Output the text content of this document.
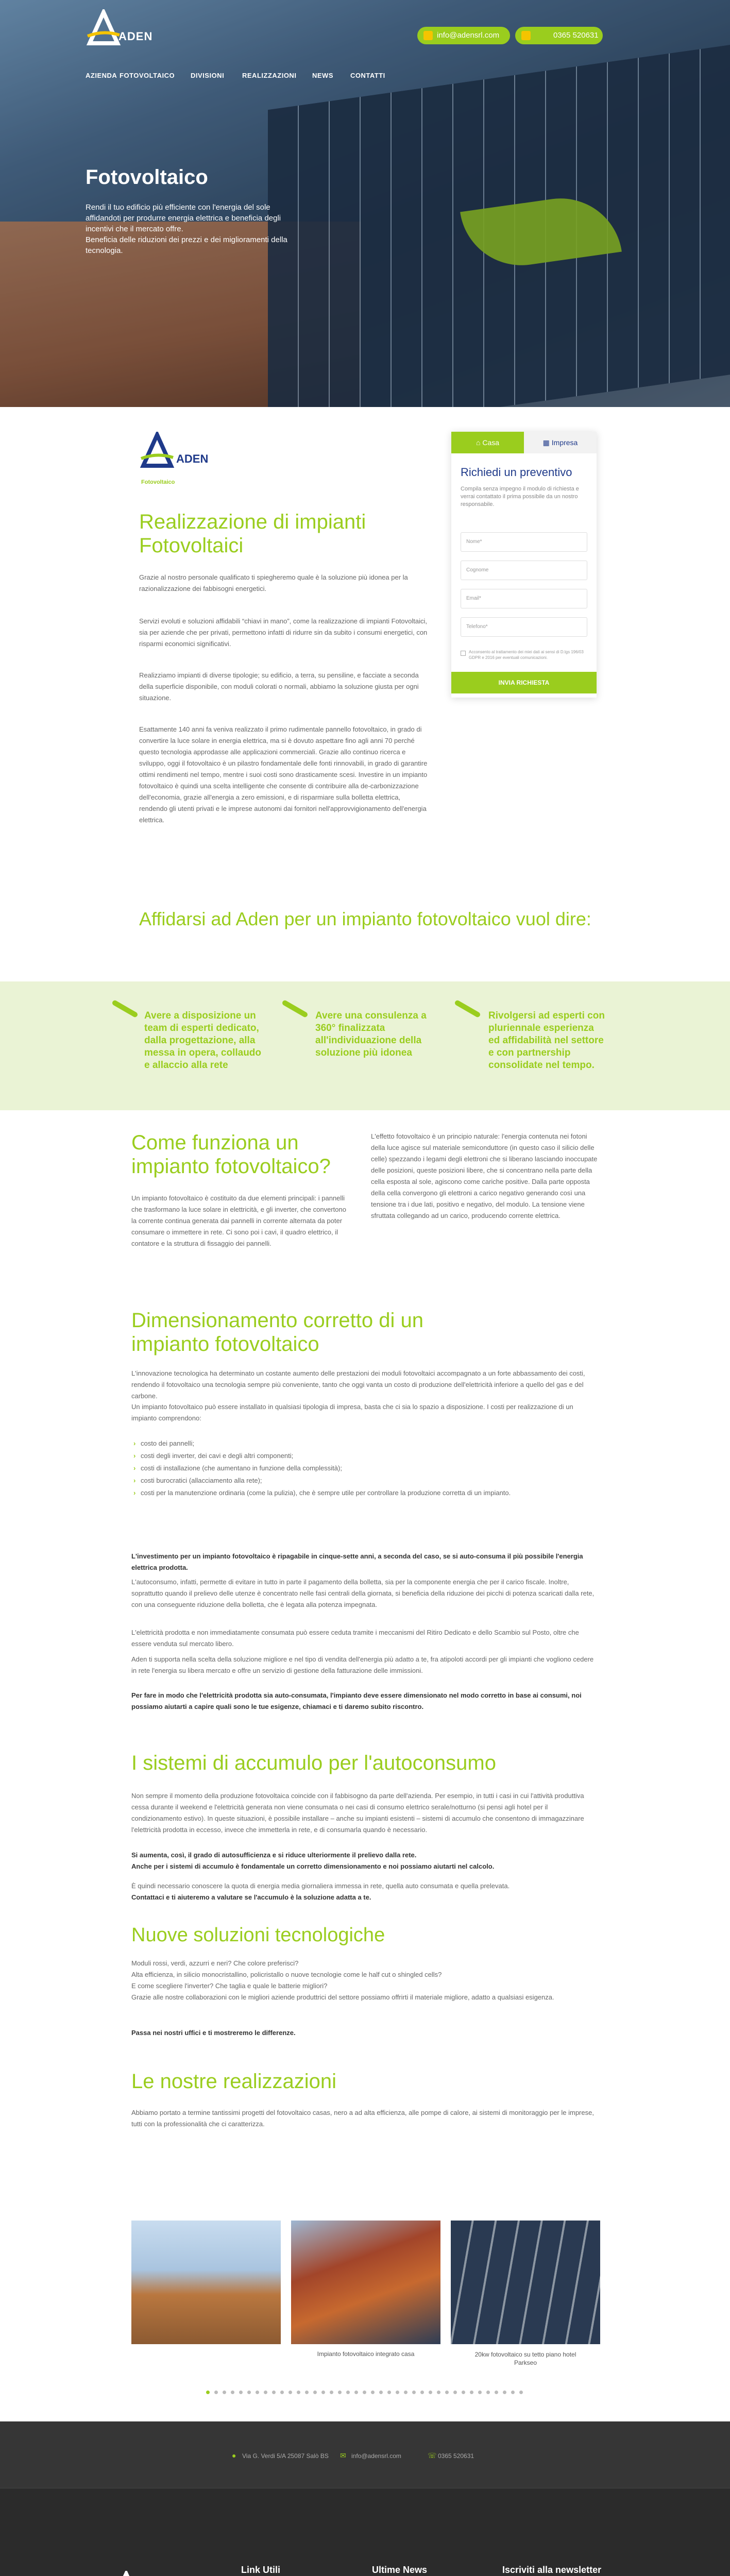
ADEN	info@adensrl.com	0365 520631
AZIENDA FOTOVOLTAICO DIVISIONI	REALIZZAZIONI NEWS	CONTATTI
Fotovoltaico

Rendi il tuo edificio più efficiente con l'energia del sole

affidandoti per produrre energia elettrica e beneficia degli

incentivi che il mercato offre.

Beneficia delle riduzioni dei prezzi e dei miglioramenti della

tecnologia.

ADEN
Fotovoltaico
Realizzazione di impianti Fotovoltaici

Grazie al nostro personale qualificato ti spiegheremo quale è la soluzione più idonea per la razionalizzazione dei fabbisogni energetici.

Servizi evoluti e soluzioni affidabili “chiavi in mano”, come la realizzazione di impianti Fotovoltaici, sia per aziende che per privati, permettono infatti di ridurre sin da subito i consumi energetici, con risparmi economici significativi.

Realizziamo impianti di diverse tipologie; su edificio, a terra, su pensiline, e facciate a seconda della superficie disponibile, con moduli colorati o normali, abbiamo la soluzione giusta per ogni situazione.

Esattamente 140 anni fa veniva realizzato il primo rudimentale pannello fotovoltaico, in grado di convertire la luce solare in energia elettrica, ma si è dovuto aspettare fino agli anni 70 perché questo tecnologia approdasse alle applicazioni commerciali. Grazie allo continuo ricerca e sviluppo, oggi il fotovoltaico è un pilastro fondamentale delle fonti rinnovabili, in grado di garantire ottimi rendimenti nel tempo, mentre i suoi costi sono drasticamente scesi. Investire in un impianto fotovoltaico è quindi una scelta intelligente che consente di contribuire alla de-carbonizzazione dell'economia, grazie all'energia a zero emissioni, e di risparmiare sulla bolletta elettrica, rendendo gli utenti privati e le imprese autonomi dai fornitori nell'approvvigionamento dell'energia elettrica.

⌂ Casa	▦ Impresa
Richiedi un preventivo
Compila senza impegno il modulo di richiesta e verrai contattato il prima possibile da un nostro responsabile.
Nome*
Cognome
Email*
Telefono*
Acconsento al trattamento dei miei dati ai sensi di D.lgs 196/03 GDPR e 2016 per eventuali comunicazioni.
INVIA RICHIESTA
Affidarsi ad Aden per un impianto fotovoltaico vuol dire:
Avere a disposizione un team di esperti dedicato, dalla progettazione, alla messa in opera, collaudo e allaccio alla rete
Avere una consulenza a 360° finalizzata all'individuazione della soluzione più idonea
Rivolgersi ad esperti con pluriennale esperienza ed affidabilità nel settore e con partnership consolidate nel tempo.
Come funziona un impianto fotovoltaico?

Un impianto fotovoltaico è costituito da due elementi principali: i pannelli che trasformano la luce solare in elettricità, e gli inverter, che convertono la corrente continua generata dai pannelli in corrente alternata da poter consumare o immettere in rete. Ci sono poi i cavi, il quadro elettrico, il contatore e la struttura di fissaggio dei pannelli.

L'effetto fotovoltaico è un principio naturale: l'energia contenuta nei fotoni della luce agisce sul materiale semiconduttore (in questo caso il silicio delle celle) spezzando i legami degli elettroni che si liberano lasciando inoccupate delle posizioni, queste posizioni libere, che si concentrano nella parte della cella esposta al sole, agiscono come cariche positive. Dalla parte opposta della cella convergono gli elettroni a carico negativo generando così una tensione tra i due lati, positivo e negativo, del modulo. La tensione viene sfruttata collegando ad un carico, producendo corrente elettrica.

Dimensionamento corretto di un impianto fotovoltaico

L'innovazione tecnologica ha determinato un costante aumento delle prestazioni dei moduli fotovoltaici accompagnato a un forte abbassamento dei costi, rendendo il fotovoltaico una tecnologia sempre più conveniente, tanto che oggi vanta un costo di produzione dell'elettricità inferiore a quello del gas e del carbone.

Un impianto fotovoltaico può essere installato in qualsiasi tipologia di impresa, basta che ci sia lo spazio a disposizione. I costi per realizzazione di un impianto comprendono:

› costo dei pannelli;
› costi degli inverter, dei cavi e degli altri componenti;
› costi di installazione (che aumentano in funzione della complessità);
› costi burocratici (allacciamento alla rete);
› costi per la manutenzione ordinaria (come la pulizia), che è sempre utile per controllare la produzione corretta di un impianto.

L'investimento per un impianto fotovoltaico è ripagabile in cinque-sette anni, a seconda del caso, se si auto-consuma il più possibile l'energia elettrica prodotta.

L'autoconsumo, infatti, permette di evitare in tutto in parte il pagamento della bolletta, sia per la componente energia che per il carico fiscale. Inoltre, soprattutto quando il prelievo delle utenze è concentrato nelle fasi centrali della giornata, si beneficia della riduzione dei picchi di potenza scaricati dalla rete, con una conseguente riduzione della bolletta, che è legata alla potenza impegnata.

L'elettricità prodotta e non immediatamente consumata può essere ceduta tramite i meccanismi del Ritiro Dedicato e dello Scambio sul Posto, oltre che essere venduta sul mercato libero.

Aden ti supporta nella scelta della soluzione migliore e nel tipo di vendita dell'energia più adatto a te, fra atipoloti accordi per gli impianti che vogliono cedere in rete l'energia su libera mercato e offre un servizio di gestione della fatturazione delle immissioni.

Per fare in modo che l'elettricità prodotta sia auto-consumata, l'impianto deve essere dimensionato nel modo corretto in base ai consumi, noi possiamo aiutarti a capire quali sono le tue esigenze, chiamaci e ti daremo subito riscontro.

I sistemi di accumulo per l'autoconsumo

Non sempre il momento della produzione fotovoltaica coincide con il fabbisogno da parte dell'azienda. Per esempio, in tutti i casi in cui l'attività produttiva cessa durante il weekend e l'elettricità generata non viene consumata o nei casi di consumo elettrico serale/notturno (si pensi agli hotel per il condizionamento estivo). In queste situazioni, è possibile installare – anche su impianti esistenti – sistemi di accumulo che consentono di immagazzinare l'elettricità prodotta in eccesso, invece che immetterla in rete, e di consumarla quando è necessario.

Si aumenta, così, il grado di autosufficienza e si riduce ulteriormente il prelievo dalla rete.

Anche per i sistemi di accumulo è fondamentale un corretto dimensionamento e noi possiamo aiutarti nel calcolo.

È quindi necessario conoscere la quota di energia media giornaliera immessa in rete, quella auto consumata e quella prelevata.

Contattaci e ti aiuteremo a valutare se l'accumulo è la soluzione adatta a te.

Nuove soluzioni tecnologiche

Moduli rossi, verdi, azzurri e neri? Che colore preferisci?

Alta efficienza, in silicio monocristallino, policristallo o nuove tecnologie come le half cut o shingled cells?

E come scegliere l'inverter? Che taglia e quale le batterie migliori?

Grazie alle nostre collaborazioni con le migliori aziende produttrici del settore possiamo offrirti il materiale migliore, adatto a qualsiasi esigenza.

Passa nei nostri uffici e ti mostreremo le differenze.

Le nostre realizzazioni

Abbiamo portato a termine tantissimi progetti del fotovoltaico casas, nero a ad alta efficienza, alle pompe di calore, ai sistemi di monitoraggio per le imprese, tutti con la professionalità che ci caratterizza.

Impianto fotovoltaico integrato casa	20kw fotovoltaico su tetto piano hotel Parkseo
● Via G. Verdi 5/A 25087 Salò BS ✉ info@adensrl.com	☏ 0365 520631
Link Utili	Ultime News	Iscriviti alla newsletter
